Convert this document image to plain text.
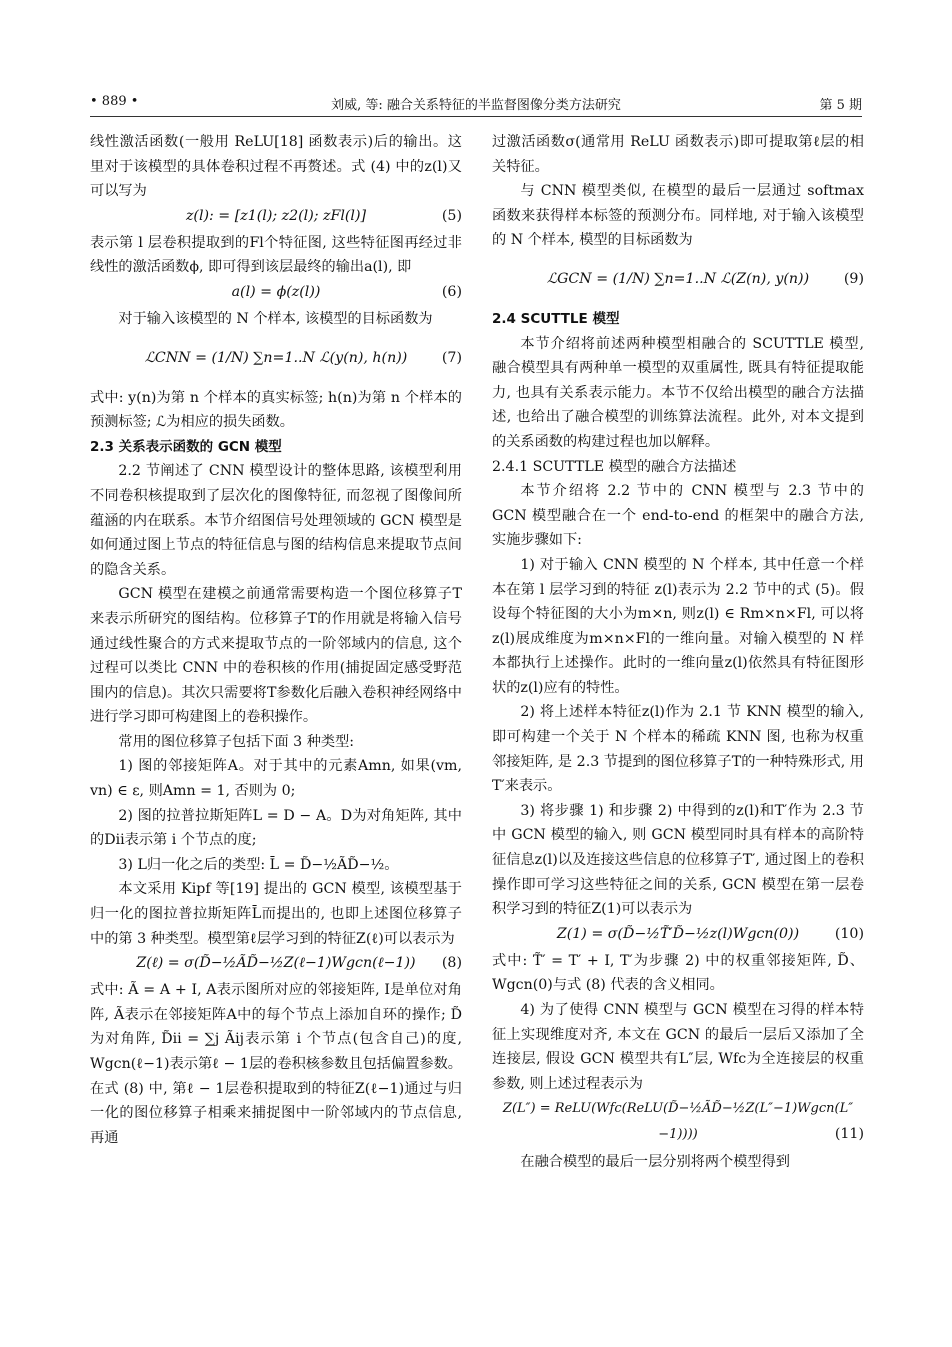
• 889 •	刘威, 等: 融合关系特征的半监督图像分类方法研究	第 5 期

线性激活函数(一般用 ReLU[18] 函数表示)后的输出。这里对于该模型的具体卷积过程不再赘述。式 (4) 中的z(l)又可以写为

z(l): = [z1(l); z2(l); zFl(l)]	(5)

表示第 l 层卷积提取到的Fl个特征图, 这些特征图再经过非线性的激活函数ϕ, 即可得到该层最终的输出a(l), 即

a(l) = ϕ(z(l))	(6)

对于输入该模型的 N 个样本, 该模型的目标函数为

ℒCNN = (1/N) ∑n=1..N ℒ(y(n), h(n)) (7)

式中: y(n)为第 n 个样本的真实标签; h(n)为第 n 个样本的预测标签; ℒ为相应的损失函数。

2.3 关系表示函数的 GCN 模型

2.2 节阐述了 CNN 模型设计的整体思路, 该模型利用不同卷积核提取到了层次化的图像特征, 而忽视了图像间所蕴涵的内在联系。本节介绍图信号处理领域的 GCN 模型是如何通过图上节点的特征信息与图的结构信息来提取节点间的隐含关系。

GCN 模型在建模之前通常需要构造一个图位移算子T来表示所研究的图结构。位移算子T的作用就是将输入信号通过线性聚合的方式来提取节点的一阶邻域内的信息, 这个过程可以类比 CNN 中的卷积核的作用(捕捉固定感受野范围内的信息)。其次只需要将T参数化后融入卷积神经网络中进行学习即可构建图上的卷积操作。

常用的图位移算子包括下面 3 种类型:

1) 图的邻接矩阵A。对于其中的元素Amn, 如果(vm, vn) ∈ ε, 则Amn = 1, 否则为 0;

2) 图的拉普拉斯矩阵L = D − A。D为对角矩阵, 其中的Dii表示第 i 个节点的度;

3) L归一化之后的类型: L̄ = D̃−½ÃD̃−½。

本文采用 Kipf 等[19] 提出的 GCN 模型, 该模型基于归一化的图拉普拉斯矩阵L̄而提出的, 也即上述图位移算子中的第 3 种类型。模型第ℓ层学习到的特征Z(ℓ)可以表示为

Z(ℓ) = σ(D̃−½ÃD̃−½Z(ℓ−1)Wgcn(ℓ−1)) (8)

式中: Ã = A + I, A表示图所对应的邻接矩阵, I是单位对角阵, Ã表示在邻接矩阵A中的每个节点上添加自环的操作; D̃为对角阵, D̃ii = ∑j Ãij表示第 i 个节点(包含自己)的度, Wgcn(ℓ−1)表示第ℓ − 1层的卷积核参数且包括偏置参数。在式 (8) 中, 第ℓ − 1层卷积提取到的特征Z(ℓ−1)通过与归一化的图位移算子相乘来捕捉图中一阶邻域内的节点信息, 再通

过激活函数σ(通常用 ReLU 函数表示)即可提取第ℓ层的相关特征。

与 CNN 模型类似, 在模型的最后一层通过 softmax 函数来获得样本标签的预测分布。同样地, 对于输入该模型的 N 个样本, 模型的目标函数为

ℒGCN = (1/N) ∑n=1..N ℒ(Z(n), y(n)) (9)

2.4 SCUTTLE 模型

本节介绍将前述两种模型相融合的 SCUTTLE 模型, 融合模型具有两种单一模型的双重属性, 既具有特征提取能力, 也具有关系表示能力。本节不仅给出模型的融合方法描述, 也给出了融合模型的训练算法流程。此外, 对本文提到的关系函数的构建过程也加以解释。

2.4.1 SCUTTLE 模型的融合方法描述

本节介绍将 2.2 节中的 CNN 模型与 2.3 节中的 GCN 模型融合在一个 end-to-end 的框架中的融合方法, 实施步骤如下:

1) 对于输入 CNN 模型的 N 个样本, 其中任意一个样本在第 l 层学习到的特征 z(l)表示为 2.2 节中的式 (5)。假设每个特征图的大小为m×n, 则z(l) ∈ Rm×n×Fl, 可以将z(l)展成维度为m×n×Fl的一维向量。对输入模型的 N 样本都执行上述操作。此时的一维向量z(l)依然具有特征图形状的z(l)应有的特性。

2) 将上述样本特征z(l)作为 2.1 节 KNN 模型的输入, 即可构建一个关于 N 个样本的稀疏 KNN 图, 也称为权重邻接矩阵, 是 2.3 节提到的图位移算子T的一种特殊形式, 用T′来表示。

3) 将步骤 1) 和步骤 2) 中得到的z(l)和T′作为 2.3 节中 GCN 模型的输入, 则 GCN 模型同时具有样本的高阶特征信息z(l)以及连接这些信息的位移算子T′, 通过图上的卷积操作即可学习这些特征之间的关系, GCN 模型在第一层卷积学习到的特征Z(1)可以表示为

Z(1) = σ(D̃−½T̃′D̃−½z(l)Wgcn(0))	(10)

式中: T̃′ = T′ + I, T′为步骤 2) 中的权重邻接矩阵, D̃、Wgcn(0)与式 (8) 代表的含义相同。

4) 为了使得 CNN 模型与 GCN 模型在习得的样本特征上实现维度对齐, 本文在 GCN 的最后一层后又添加了全连接层, 假设 GCN 模型共有L″层, Wfc为全连接层的权重参数, 则上述过程表示为

Z(L″) = ReLU(Wfc(ReLU(D̃−½ÃD̃−½Z(L″−1)Wgcn(L″−1))))	(11)

在融合模型的最后一层分别将两个模型得到
